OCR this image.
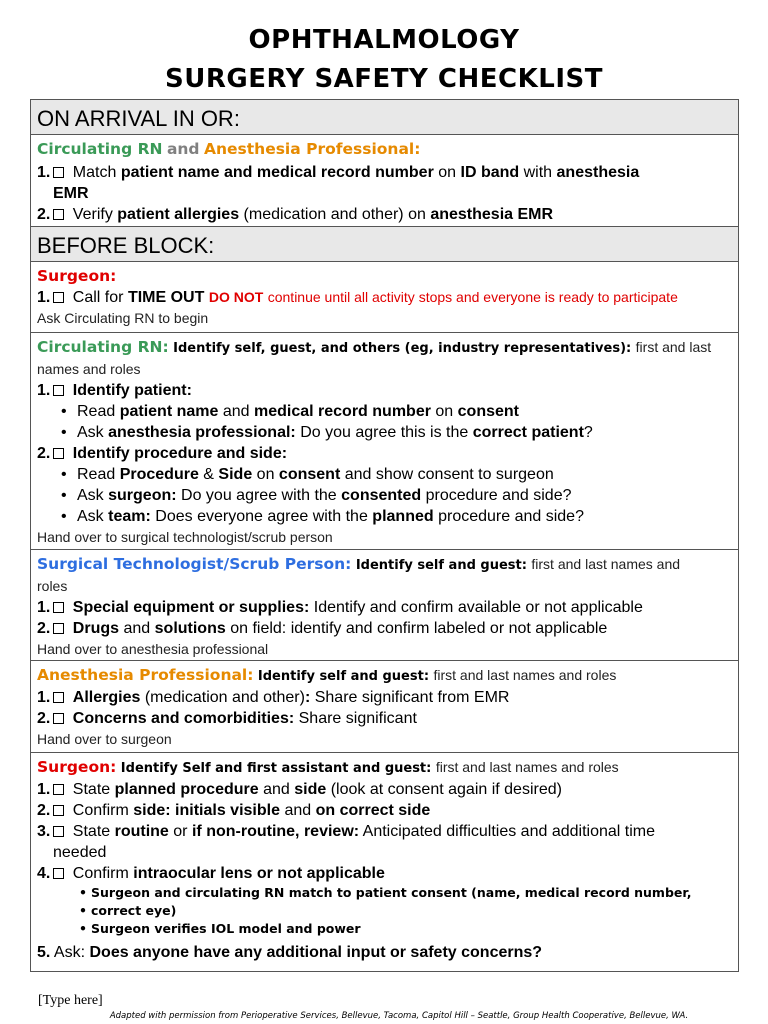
OPHTHALMOLOGY
SURGERY SAFETY CHECKLIST
ON ARRIVAL IN OR:
Circulating RN and Anesthesia Professional:
1. Match patient name and medical record number on ID band with anesthesia
EMR
2. Verify patient allergies (medication and other) on anesthesia EMR
BEFORE BLOCK:
Surgeon:
1. Call for TIME OUT DO NOT continue until all activity stops and everyone is ready to participate
Ask Circulating RN to begin
Circulating RN: Identify self, guest, and others (eg, industry representatives): first and last
names and roles
1. Identify patient:
• Read patient name and medical record number on consent
• Ask anesthesia professional: Do you agree this is the correct patient?
2. Identify procedure and side:
• Read Procedure & Side on consent and show consent to surgeon
• Ask surgeon: Do you agree with the consented procedure and side?
• Ask team: Does everyone agree with the planned procedure and side?
Hand over to surgical technologist/scrub person
Surgical Technologist/Scrub Person: Identify self and guest: first and last names and
roles
1. Special equipment or supplies: Identify and confirm available or not applicable
2. Drugs and solutions on field: identify and confirm labeled or not applicable
Hand over to anesthesia professional
Anesthesia Professional: Identify self and guest: first and last names and roles
1. Allergies (medication and other): Share significant from EMR
2. Concerns and comorbidities: Share significant
Hand over to surgeon
Surgeon: Identify Self and first assistant and guest: first and last names and roles
1. State planned procedure and side (look at consent again if desired)
2. Confirm side: initials visible and on correct side
3. State routine or if non-routine, review: Anticipated difficulties and additional time
needed
4. Confirm intraocular lens or not applicable
• Surgeon and circulating RN match to patient consent (name, medical record number,
• correct eye)
• Surgeon verifies IOL model and power
5. Ask: Does anyone have any additional input or safety concerns?
[Type here]
Adapted with permission from Perioperative Services, Bellevue, Tacoma, Capitol Hill – Seattle, Group Health Cooperative, Bellevue, WA.
